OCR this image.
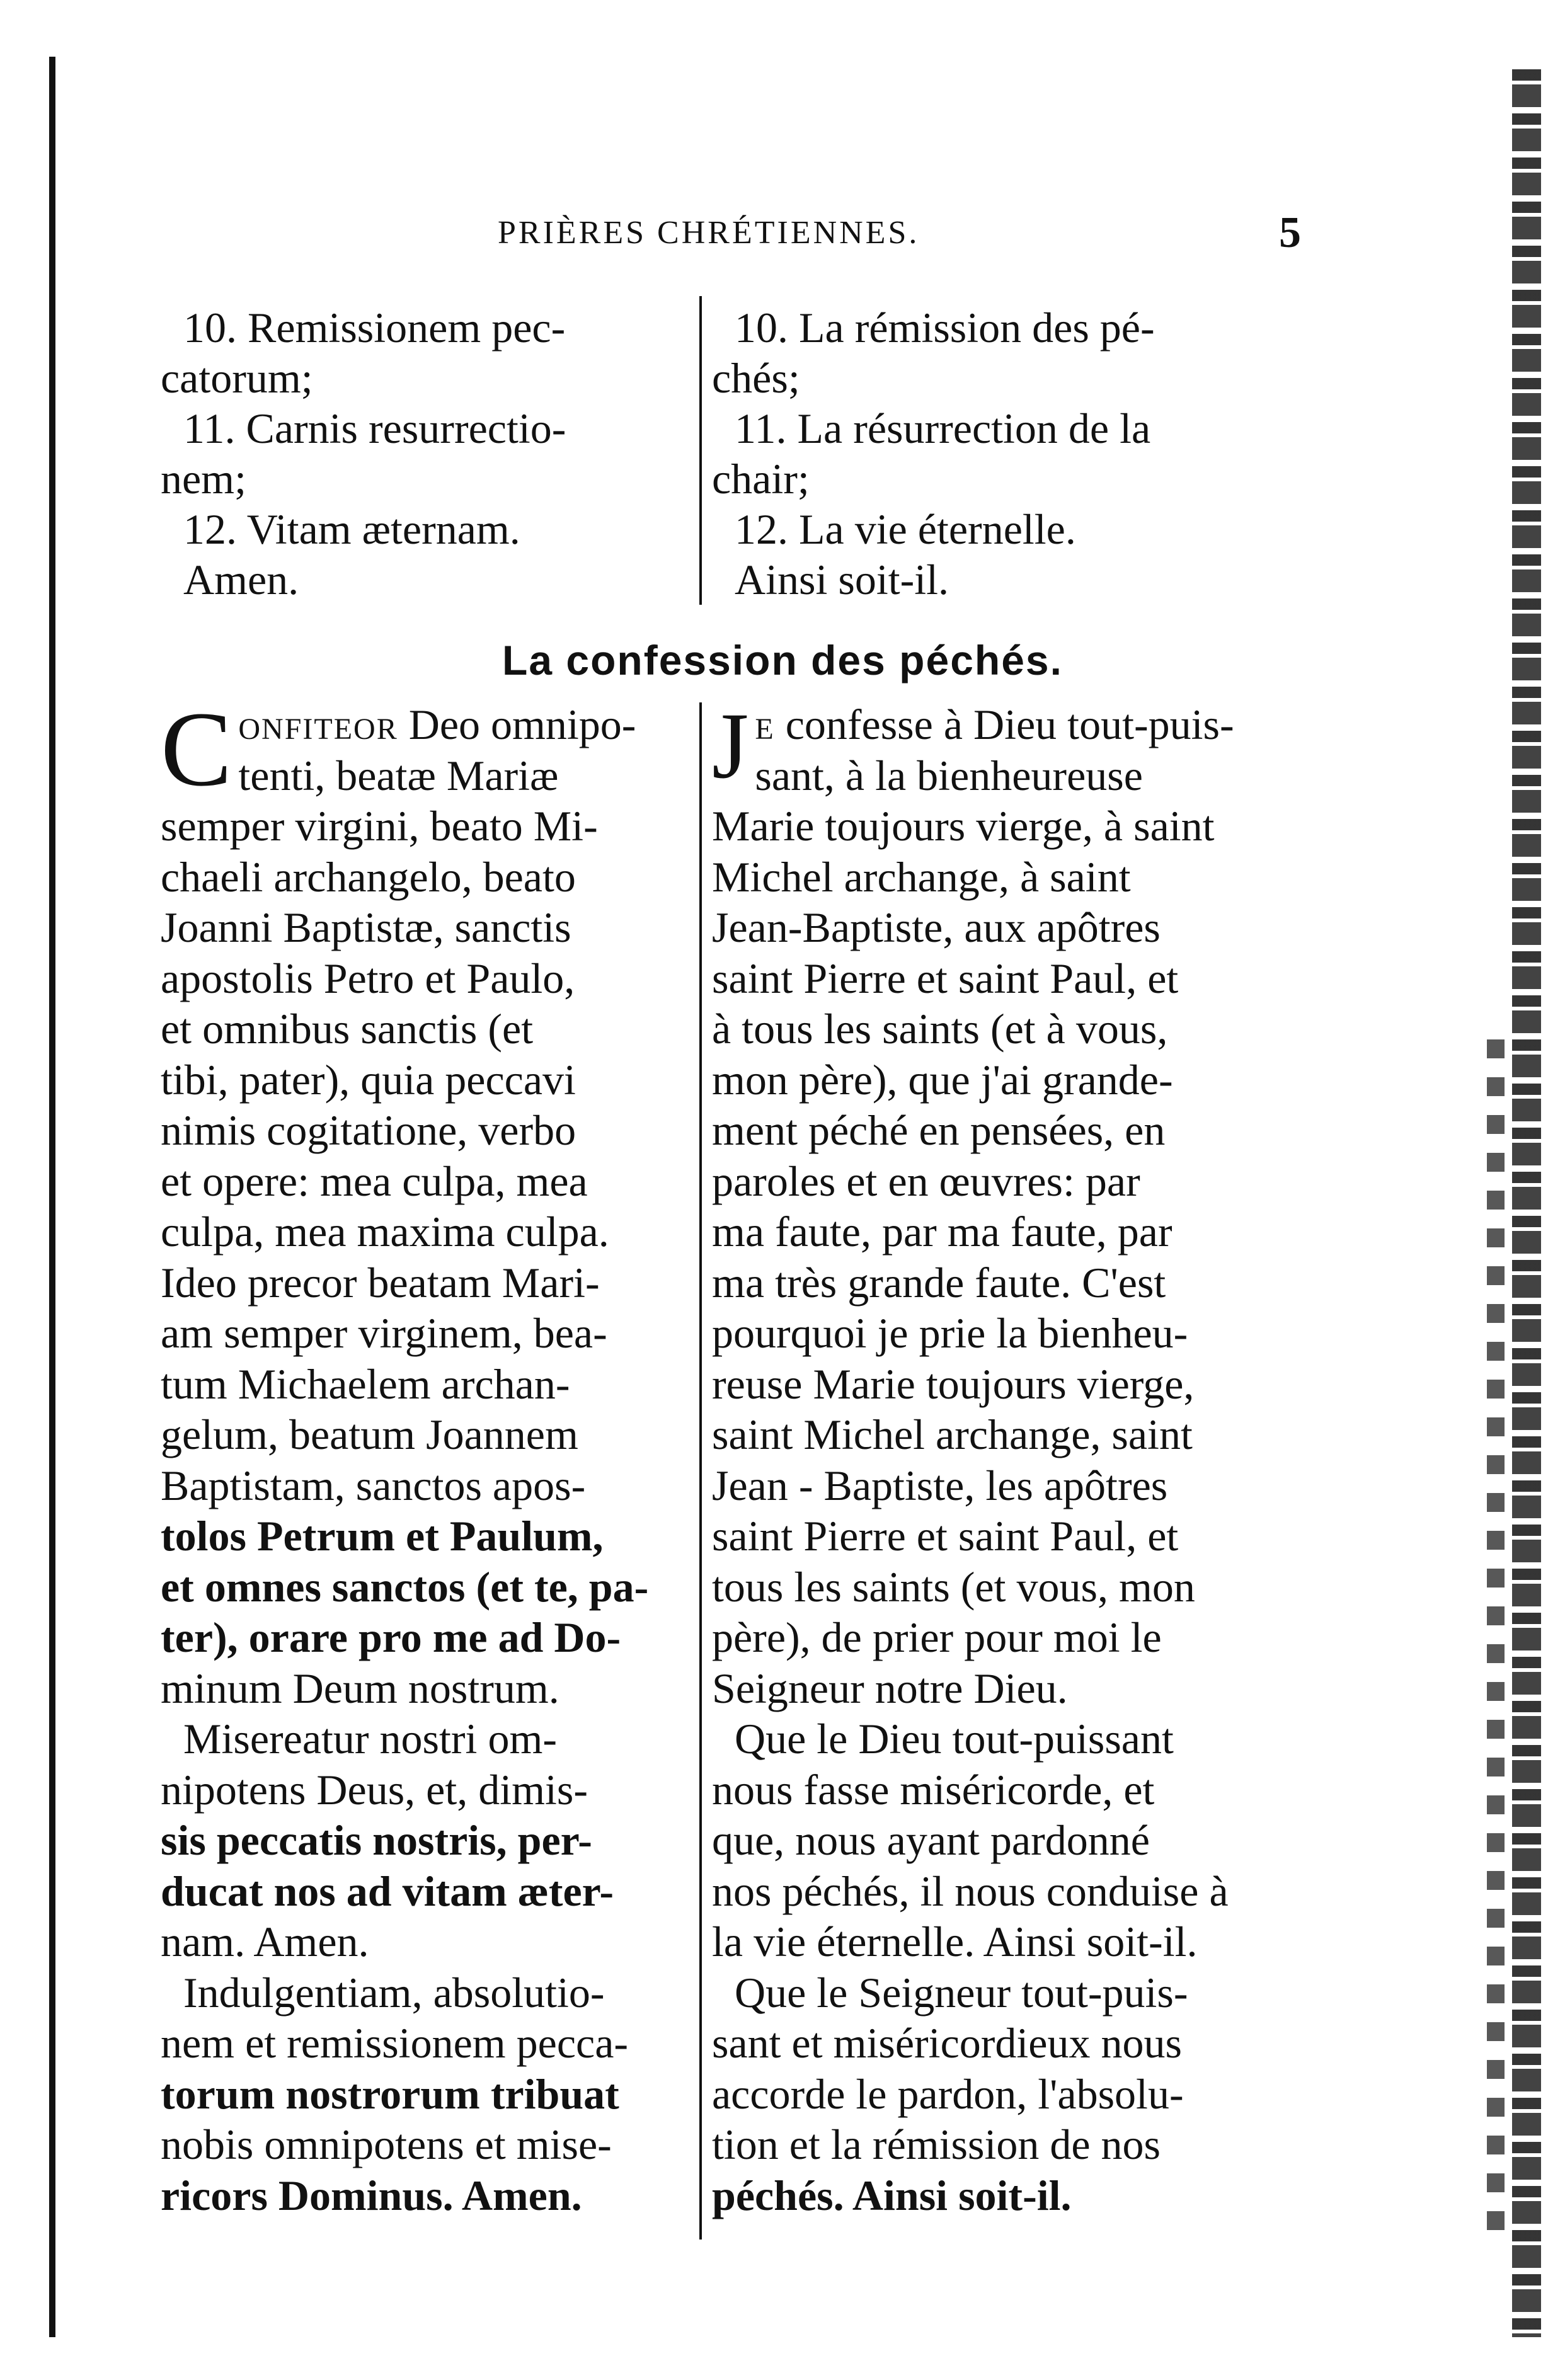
PRIÈRES CHRÉTIENNES.	5
10. Remissionem pec-
catorum;
11. Carnis resurrectio-
nem;
12. Vitam æternam.
Amen.
10. La rémission des pé-
chés;
11. La résurrection de la
chair;
12. La vie éternelle.
Ainsi soit-il.
La confession des péchés.
C onfiteor Deo omnipo-
tenti, beatæ Mariæ
semper virgini, beato Mi-
chaeli archangelo, beato
Joanni Baptistæ, sanctis
apostolis Petro et Paulo,
et omnibus sanctis (et
tibi, pater), quia peccavi
nimis cogitatione, verbo
et opere: mea culpa, mea
culpa, mea maxima culpa.
Ideo precor beatam Mari-
am semper virginem, bea-
tum Michaelem archan-
gelum, beatum Joannem
Baptistam, sanctos apos-
tolos Petrum et Paulum,
et omnes sanctos (et te, pa-
ter), orare pro me ad Do-
minum Deum nostrum.
Misereatur nostri om-
nipotens Deus, et, dimis-
sis peccatis nostris, per-
ducat nos ad vitam æter-
nam. Amen.
Indulgentiam, absolutio-
nem et remissionem pecca-
torum nostrorum tribuat
nobis omnipotens et mise-
ricors Dominus. Amen.
J e confesse à Dieu tout-puis-
sant, à la bienheureuse
Marie toujours vierge, à saint
Michel archange, à saint
Jean-Baptiste, aux apôtres
saint Pierre et saint Paul, et
à tous les saints (et à vous,
mon père), que j'ai grande-
ment péché en pensées, en
paroles et en œuvres: par
ma faute, par ma faute, par
ma très grande faute. C'est
pourquoi je prie la bienheu-
reuse Marie toujours vierge,
saint Michel archange, saint
Jean - Baptiste, les apôtres
saint Pierre et saint Paul, et
tous les saints (et vous, mon
père), de prier pour moi le
Seigneur notre Dieu.
Que le Dieu tout-puissant
nous fasse miséricorde, et
que, nous ayant pardonné
nos péchés, il nous conduise à
la vie éternelle. Ainsi soit-il.
Que le Seigneur tout-puis-
sant et miséricordieux nous
accorde le pardon, l'absolu-
tion et la rémission de nos
péchés. Ainsi soit-il.
